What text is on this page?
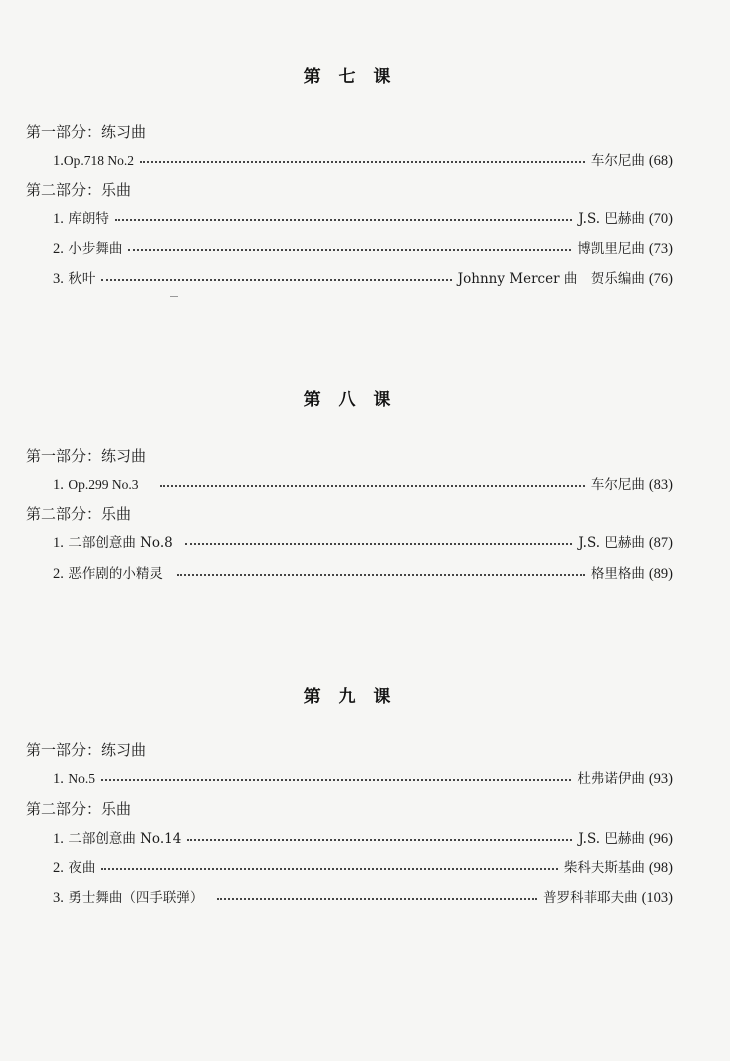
第 七 课
第一部分：练习曲
1. Op.718 No.2	车尔尼曲 (68)
第二部分：乐曲
1.
库朗特	J.S. 巴赫曲 (70)
2.
小步舞曲	博凯里尼曲 (73)
3.
秋叶	Johnny Mercer 曲　贺乐编曲 (76)
第 八 课
第一部分：练习曲
1.
Op.299 No.3	车尔尼曲 (83)
第二部分：乐曲
1.
二部创意曲 No.8	J.S. 巴赫曲 (87)
2.
恶作剧的小精灵	格里格曲 (89)
第 九 课
第一部分：练习曲
1.
No.5	杜弗诺伊曲 (93)
第二部分：乐曲
1.
二部创意曲 No.14	J.S. 巴赫曲 (96)
2.
夜曲	柴科夫斯基曲 (98)
3.
勇士舞曲（四手联弹）	普罗科菲耶夫曲 (103)
